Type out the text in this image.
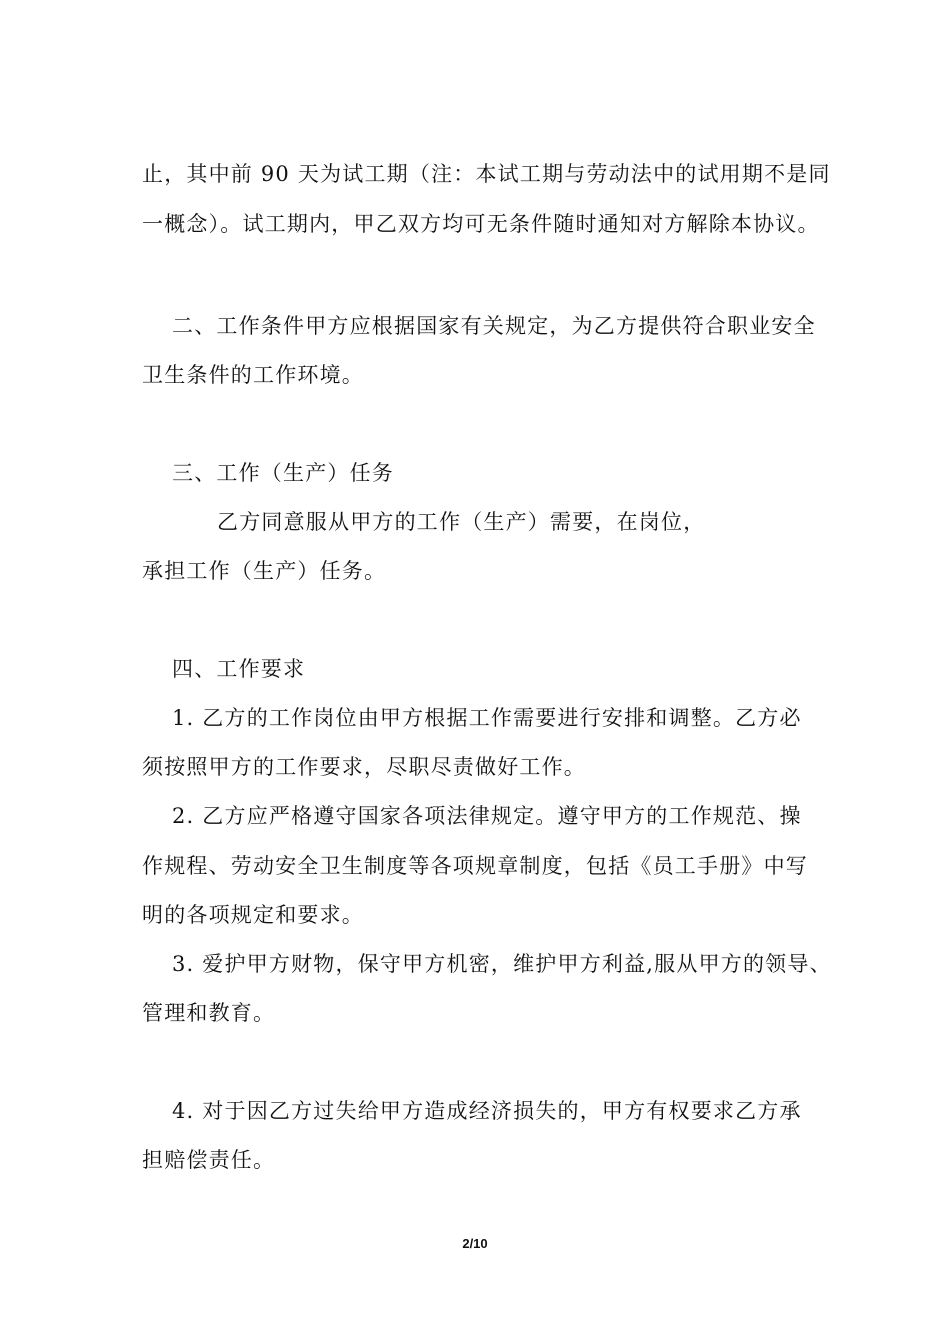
止，其中前 90 天为试工期（注：本试工期与劳动法中的试用期不是同
一概念）。试工期内，甲乙双方均可无条件随时通知对方解除本协议。
二、工作条件甲方应根据国家有关规定，为乙方提供符合职业安全
卫生条件的工作环境。
三、工作（生产）任务
乙方同意服从甲方的工作（生产）需要，在岗位，
承担工作（生产）任务。
四、工作要求
1. 乙方的工作岗位由甲方根据工作需要进行安排和调整。乙方必
须按照甲方的工作要求，尽职尽责做好工作。
2. 乙方应严格遵守国家各项法律规定。遵守甲方的工作规范、操
作规程、劳动安全卫生制度等各项规章制度，包括《员工手册》中写
明的各项规定和要求。
3. 爱护甲方财物，保守甲方机密，维护甲方利益,服从甲方的领导、
管理和教育。
4. 对于因乙方过失给甲方造成经济损失的，甲方有权要求乙方承
担赔偿责任。
2/10
